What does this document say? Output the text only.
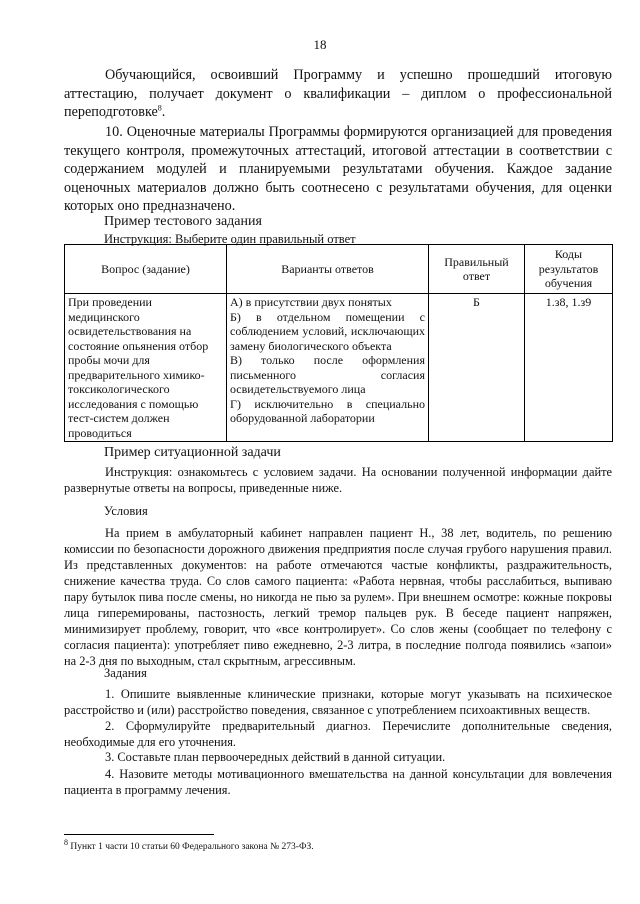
18

Обучающийся, освоивший Программу и успешно прошедший итоговую аттестацию, получает документ о квалификации – диплом о профессиональной переподготовке$^8$.

10. Оценочные материалы Программы формируются организацией для проведения текущего контроля, промежуточных аттестаций, итоговой аттестации в соответствии с содержанием модулей и планируемыми результатами обучения. Каждое задание оценочных материалов должно быть соотнесено с результатами обучения, для оценки которых оно предназначено.

Пример тестового задания

Инструкция: Выберите один правильный ответ

Вопрос (задание)	Варианты ответов	Правильный ответ	Коды результатов обучения
При проведении медицинского освидетельствования на состояние опьянения отбор пробы мочи для предварительного химико-токсикологического исследования с помощью тест-систем должен проводиться	А) в присутствии двух понятых
Б) в отдельном помещении с соблюдением условий, исключающих замену биологического объекта
В) только после оформления письменного согласия освидетельствуемого лица
Г) исключительно в специально оборудованной лаборатории	Б	1.з8, 1.з9

Пример ситуационной задачи

Инструкция: ознакомьтесь с условием задачи. На основании полученной информации дайте развернутые ответы на вопросы, приведенные ниже.

Условия

На прием в амбулаторный кабинет направлен пациент Н., 38 лет, водитель, по решению комиссии по безопасности дорожного движения предприятия после случая грубого нарушения правил. Из представленных документов: на работе отмечаются частые конфликты, раздражительность, снижение качества труда. Со слов самого пациента: «Работа нервная, чтобы расслабиться, выпиваю пару бутылок пива после смены, но никогда не пью за рулем». При внешнем осмотре: кожные покровы лица гиперемированы, пастозность, легкий тремор пальцев рук. В беседе пациент напряжен, минимизирует проблему, говорит, что «все контролирует». Со слов жены (сообщает по телефону с согласия пациента): употребляет пиво ежедневно, 2-3 литра, в последние полгода появились «запои» на 2-3 дня по выходным, стал скрытным, агрессивным.

Задания

1. Опишите выявленные клинические признаки, которые могут указывать на психическое расстройство и (или) расстройство поведения, связанное с употреблением психоактивных веществ.

2. Сформулируйте предварительный диагноз. Перечислите дополнительные сведения, необходимые для его уточнения.

3. Составьте план первоочередных действий в данной ситуации.

4. Назовите методы мотивационного вмешательства на данной консультации для вовлечения пациента в программу лечения.

$^8$ Пункт 1 части 10 статьи 60 Федерального закона № 273-ФЗ.
